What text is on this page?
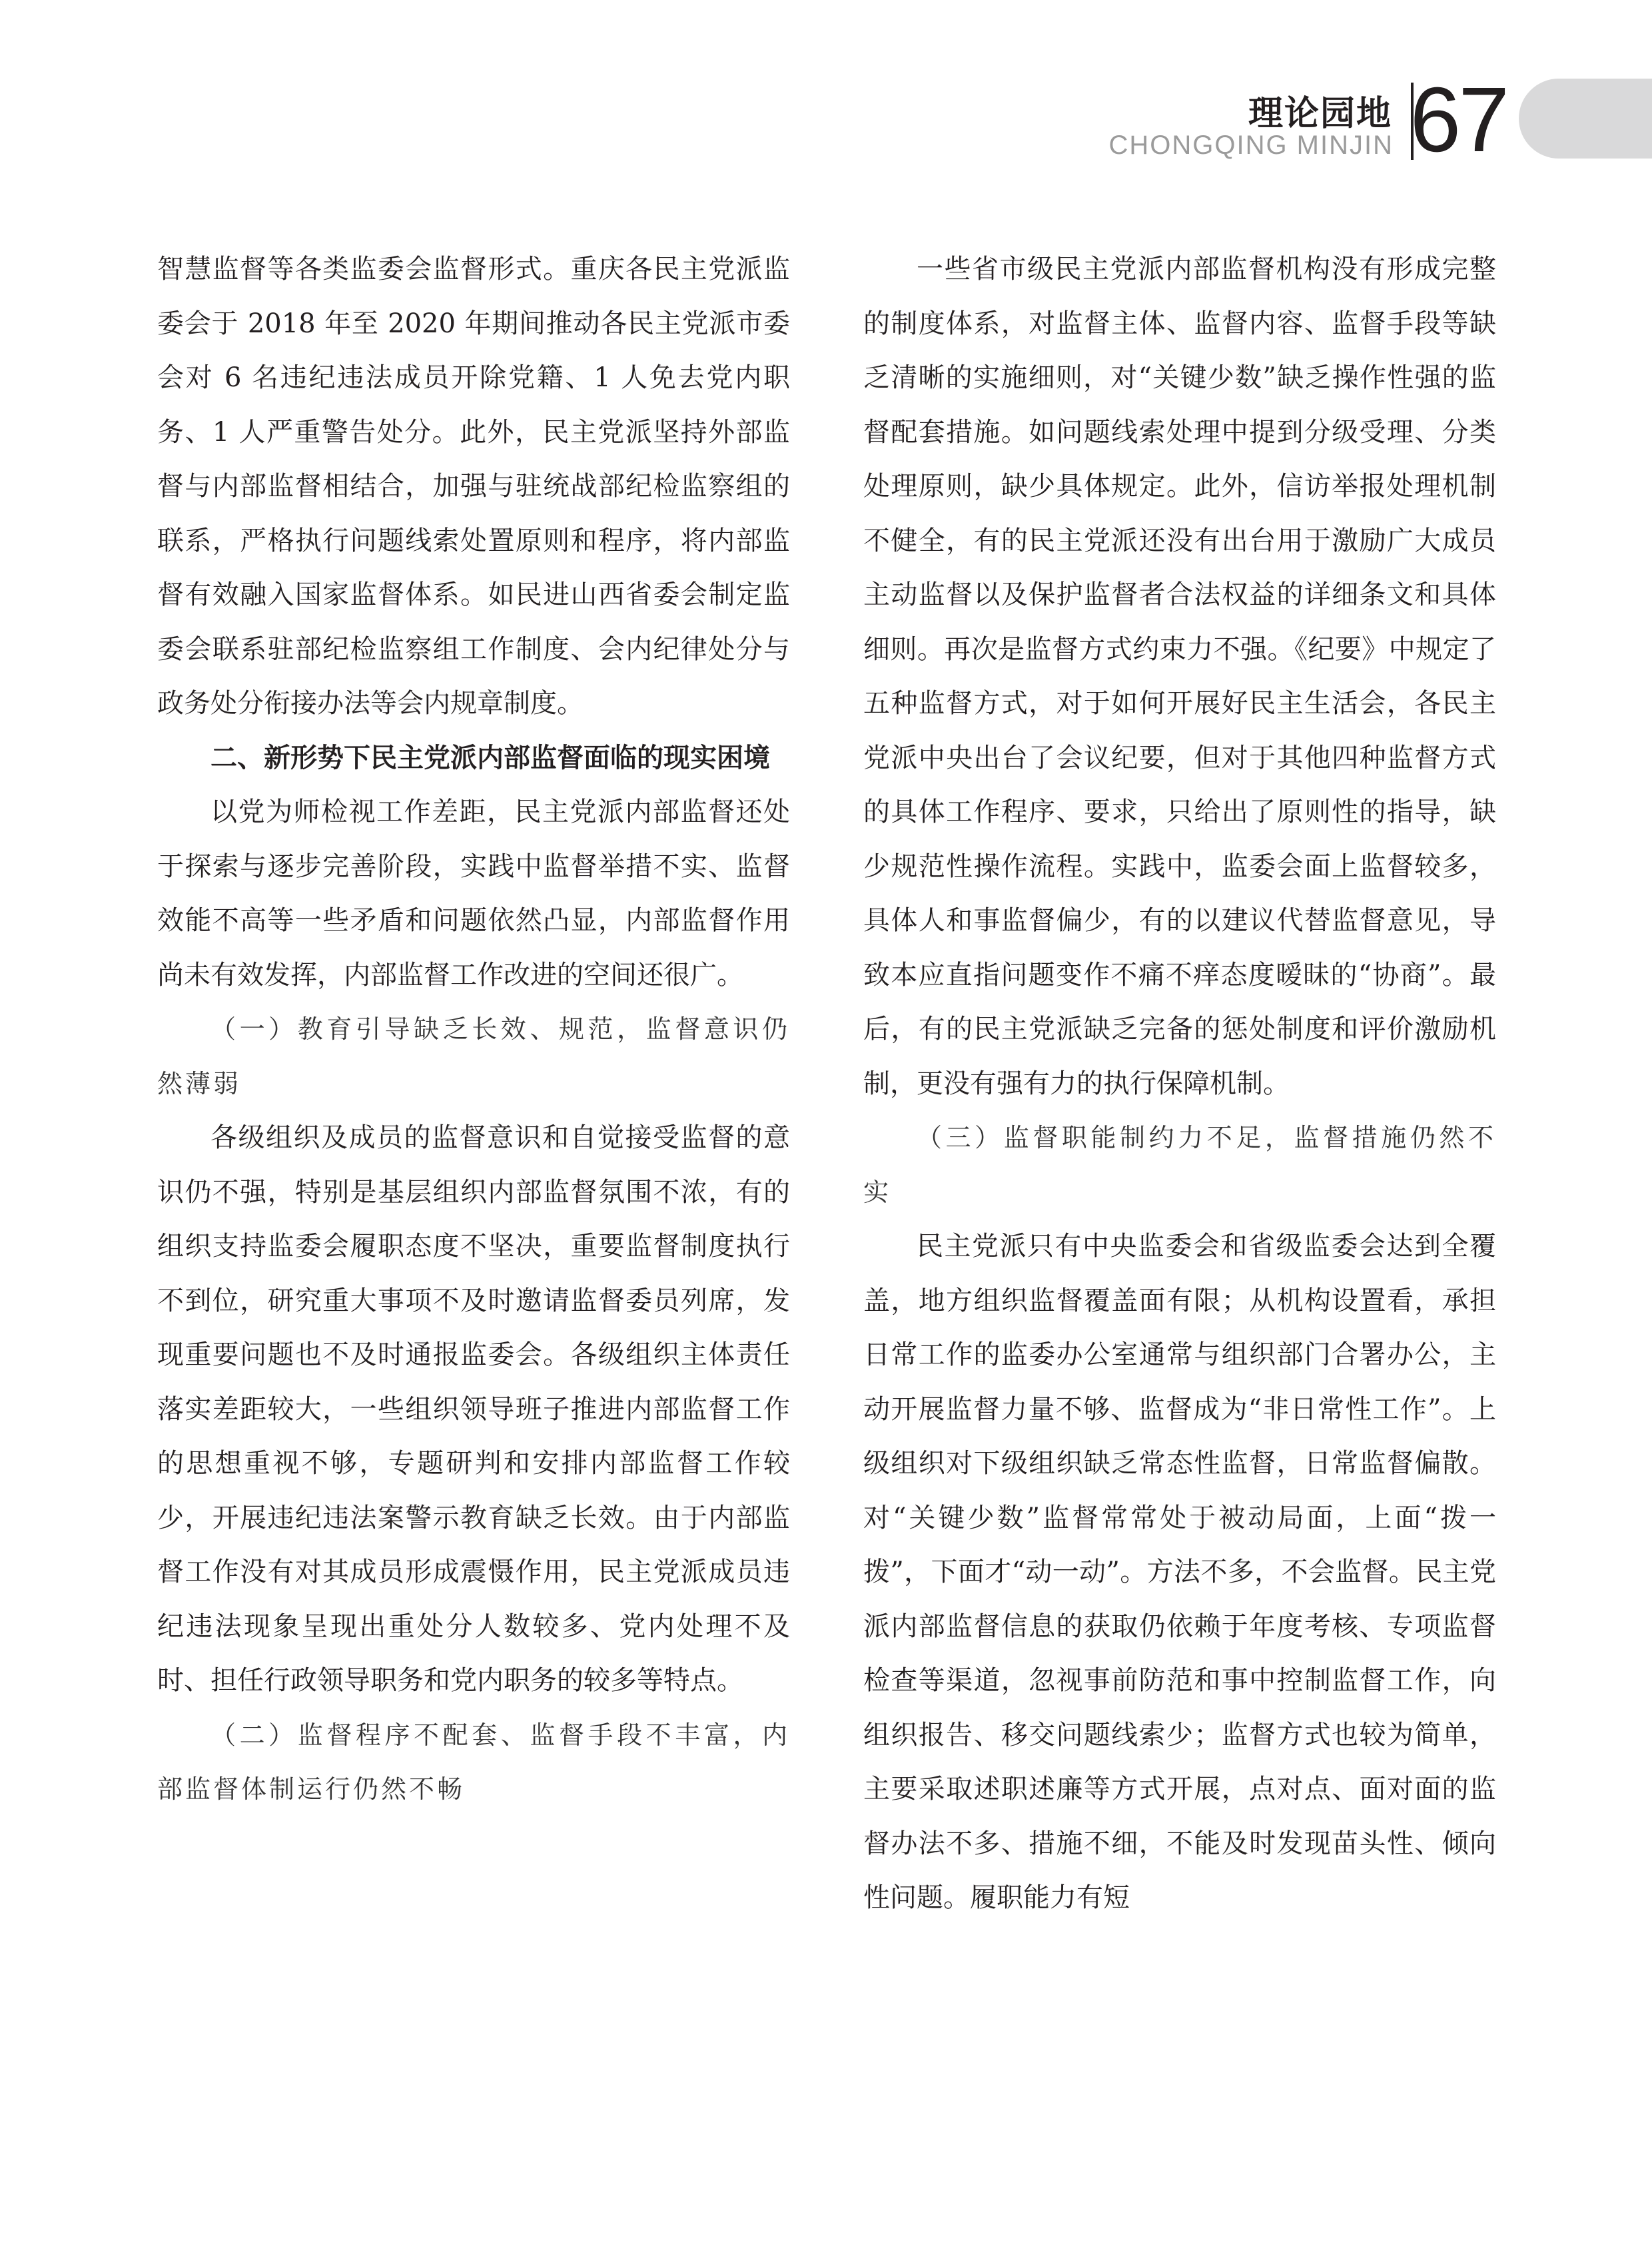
理论园地
CHONGQING MINJIN 67

智慧监督等各类监委会监督形式。重庆各民主党派监委会于 2018 年至 2020 年期间推动各民主党派市委会对 6 名违纪违法成员开除党籍、1 人免去党内职务、1 人严重警告处分。此外，民主党派坚持外部监督与内部监督相结合，加强与驻统战部纪检监察组的联系，严格执行问题线索处置原则和程序，将内部监督有效融入国家监督体系。如民进山西省委会制定监委会联系驻部纪检监察组工作制度、会内纪律处分与政务处分衔接办法等会内规章制度。

二、新形势下民主党派内部监督面临的现实困境

以党为师检视工作差距，民主党派内部监督还处于探索与逐步完善阶段，实践中监督举措不实、监督效能不高等一些矛盾和问题依然凸显，内部监督作用尚未有效发挥，内部监督工作改进的空间还很广。

（一）教育引导缺乏长效、规范，监督意识仍然薄弱

各级组织及成员的监督意识和自觉接受监督的意识仍不强，特别是基层组织内部监督氛围不浓，有的组织支持监委会履职态度不坚决，重要监督制度执行不到位，研究重大事项不及时邀请监督委员列席，发现重要问题也不及时通报监委会。各级组织主体责任落实差距较大，一些组织领导班子推进内部监督工作的思想重视不够，专题研判和安排内部监督工作较少，开展违纪违法案警示教育缺乏长效。由于内部监督工作没有对其成员形成震慑作用，民主党派成员违纪违法现象呈现出重处分人数较多、党内处理不及时、担任行政领导职务和党内职务的较多等特点。

（二）监督程序不配套、监督手段不丰富，内部监督体制运行仍然不畅

一些省市级民主党派内部监督机构没有形成完整的制度体系，对监督主体、监督内容、监督手段等缺乏清晰的实施细则，对“关键少数”缺乏操作性强的监督配套措施。如问题线索处理中提到分级受理、分类处理原则，缺少具体规定。此外，信访举报处理机制不健全，有的民主党派还没有出台用于激励广大成员主动监督以及保护监督者合法权益的详细条文和具体细则。再次是监督方式约束力不强。《纪要》中规定了五种监督方式，对于如何开展好民主生活会，各民主党派中央出台了会议纪要，但对于其他四种监督方式的具体工作程序、要求，只给出了原则性的指导，缺少规范性操作流程。实践中，监委会面上监督较多，具体人和事监督偏少，有的以建议代替监督意见，导致本应直指问题变作不痛不痒态度暧昧的“协商”。最后，有的民主党派缺乏完备的惩处制度和评价激励机制，更没有强有力的执行保障机制。

（三）监督职能制约力不足，监督措施仍然不实

民主党派只有中央监委会和省级监委会达到全覆盖，地方组织监督覆盖面有限；从机构设置看，承担日常工作的监委办公室通常与组织部门合署办公，主动开展监督力量不够、监督成为“非日常性工作”。上级组织对下级组织缺乏常态性监督，日常监督偏散。对“关键少数”监督常常处于被动局面，上面“拨一拨”，下面才“动一动”。方法不多，不会监督。民主党派内部监督信息的获取仍依赖于年度考核、专项监督检查等渠道，忽视事前防范和事中控制监督工作，向组织报告、移交问题线索少；监督方式也较为简单，主要采取述职述廉等方式开展，点对点、面对面的监督办法不多、措施不细，不能及时发现苗头性、倾向性问题。履职能力有短
